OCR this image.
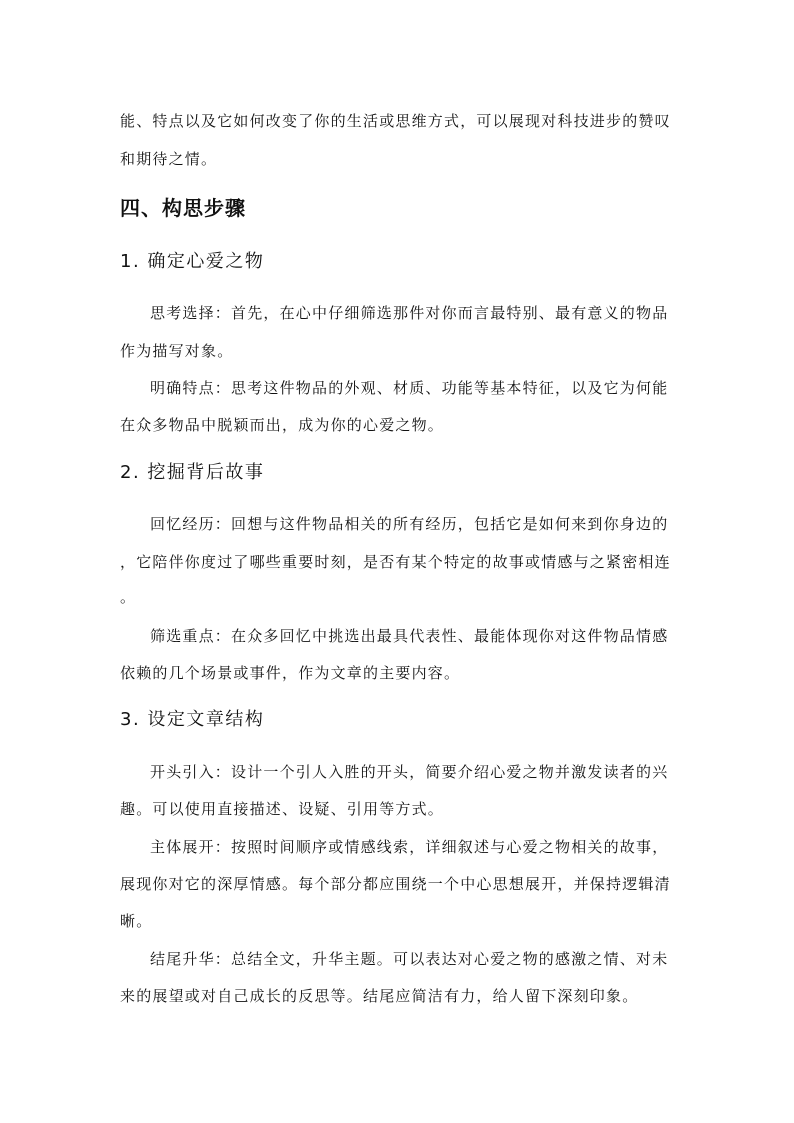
能、特点以及它如何改变了你的生活或思维方式，可以展现对科技进步的赞叹
和期待之情。
四、构思步骤
1. 确定心爱之物
思考选择：首先，在心中仔细筛选那件对你而言最特别、最有意义的物品
作为描写对象。
明确特点：思考这件物品的外观、材质、功能等基本特征，以及它为何能
在众多物品中脱颖而出，成为你的心爱之物。
2. 挖掘背后故事
回忆经历：回想与这件物品相关的所有经历，包括它是如何来到你身边的
，它陪伴你度过了哪些重要时刻，是否有某个特定的故事或情感与之紧密相连
。
筛选重点：在众多回忆中挑选出最具代表性、最能体现你对这件物品情感
依赖的几个场景或事件，作为文章的主要内容。
3. 设定文章结构
开头引入：设计一个引人入胜的开头，简要介绍心爱之物并激发读者的兴
趣。可以使用直接描述、设疑、引用等方式。
主体展开：按照时间顺序或情感线索，详细叙述与心爱之物相关的故事，
展现你对它的深厚情感。每个部分都应围绕一个中心思想展开，并保持逻辑清
晰。
结尾升华：总结全文，升华主题。可以表达对心爱之物的感激之情、对未
来的展望或对自己成长的反思等。结尾应简洁有力，给人留下深刻印象。
